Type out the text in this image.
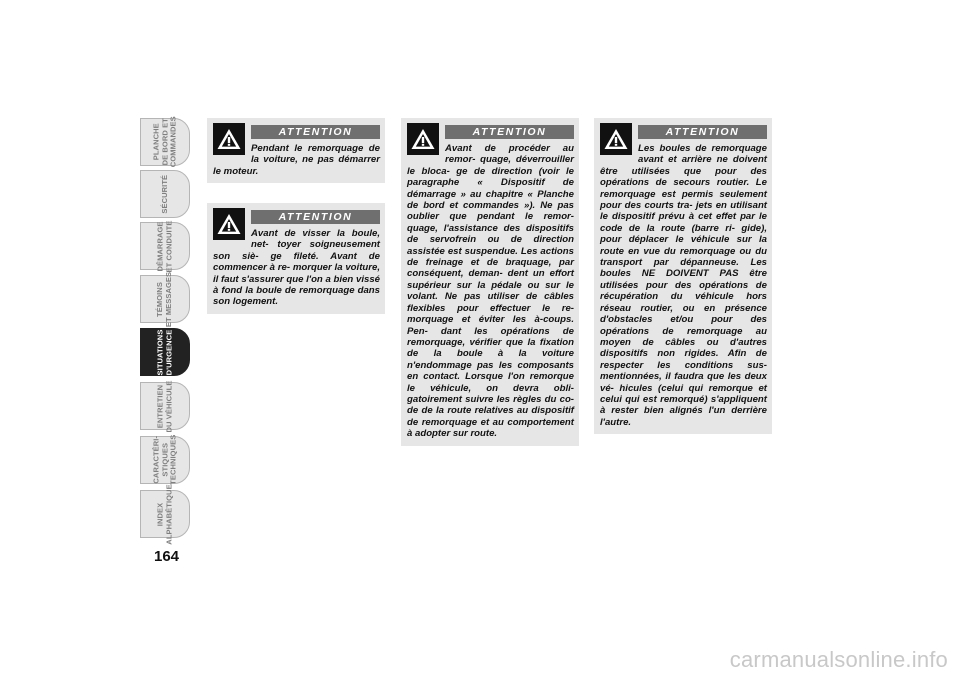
PLANCHE
DE BORD ET
COMMANDES
SÉCURITÉ
DÉMARRAGE
ET CONDUITE
TÉMOINS
ET MESSAGES
SITUATIONS
D'URGENCE
ENTRETIEN
DU VÉHICULE
CARACTÉRI-
STIQUES
TECHNIQUES
INDEX
ALPHABÉTIQUE
164
ATTENTION

Pendant le remorquage de la voiture, ne pas démarrer le moteur.

ATTENTION

Avant de visser la boule, net- toyer soigneusement son siè- ge fileté. Avant de commencer à re- morquer la voiture, il faut s'assurer que l'on a bien vissé à fond la boule de remorquage dans son logement.

ATTENTION

Avant de procéder au remor- quage, déverrouiller le bloca- ge de direction (voir le paragraphe « Dispositif de démarrage » au chapitre « Planche de bord et commandes »). Ne pas oublier que pendant le remor- quage, l'assistance des dispositifs de servofrein ou de direction assistée est suspendue. Les actions de freinage et de braquage, par conséquent, deman- dent un effort supérieur sur la pédale ou sur le volant. Ne pas utiliser de câbles flexibles pour effectuer le re- morquage et éviter les à-coups. Pen- dant les opérations de remorquage, vérifier que la fixation de la boule à la voiture n'endommage pas les composants en contact. Lorsque l'on remorque le véhicule, on devra obli- gatoirement suivre les règles du co- de de la route relatives au dispositif de remorquage et au comportement à adopter sur route.

ATTENTION

Les boules de remorquage avant et arrière ne doivent être utilisées que pour des opérations de secours routier. Le remorquage est permis seulement pour des courts tra- jets en utilisant le dispositif prévu à cet effet par le code de la route (barre ri- gide), pour déplacer le véhicule sur la route en vue du remorquage ou du transport par dépanneuse. Les boules NE DOIVENT PAS être utilisées pour des opérations de récupération du véhicule hors réseau routier, ou en présence d'obstacles et/ou pour des opérations de remorquage au moyen de câbles ou d'autres dispositifs non rigides. Afin de respecter les conditions sus- mentionnées, il faudra que les deux vé- hicules (celui qui remorque et celui qui est remorqué) s'appliquent à rester bien alignés l'un derrière l'autre.

carmanualsonline.info
